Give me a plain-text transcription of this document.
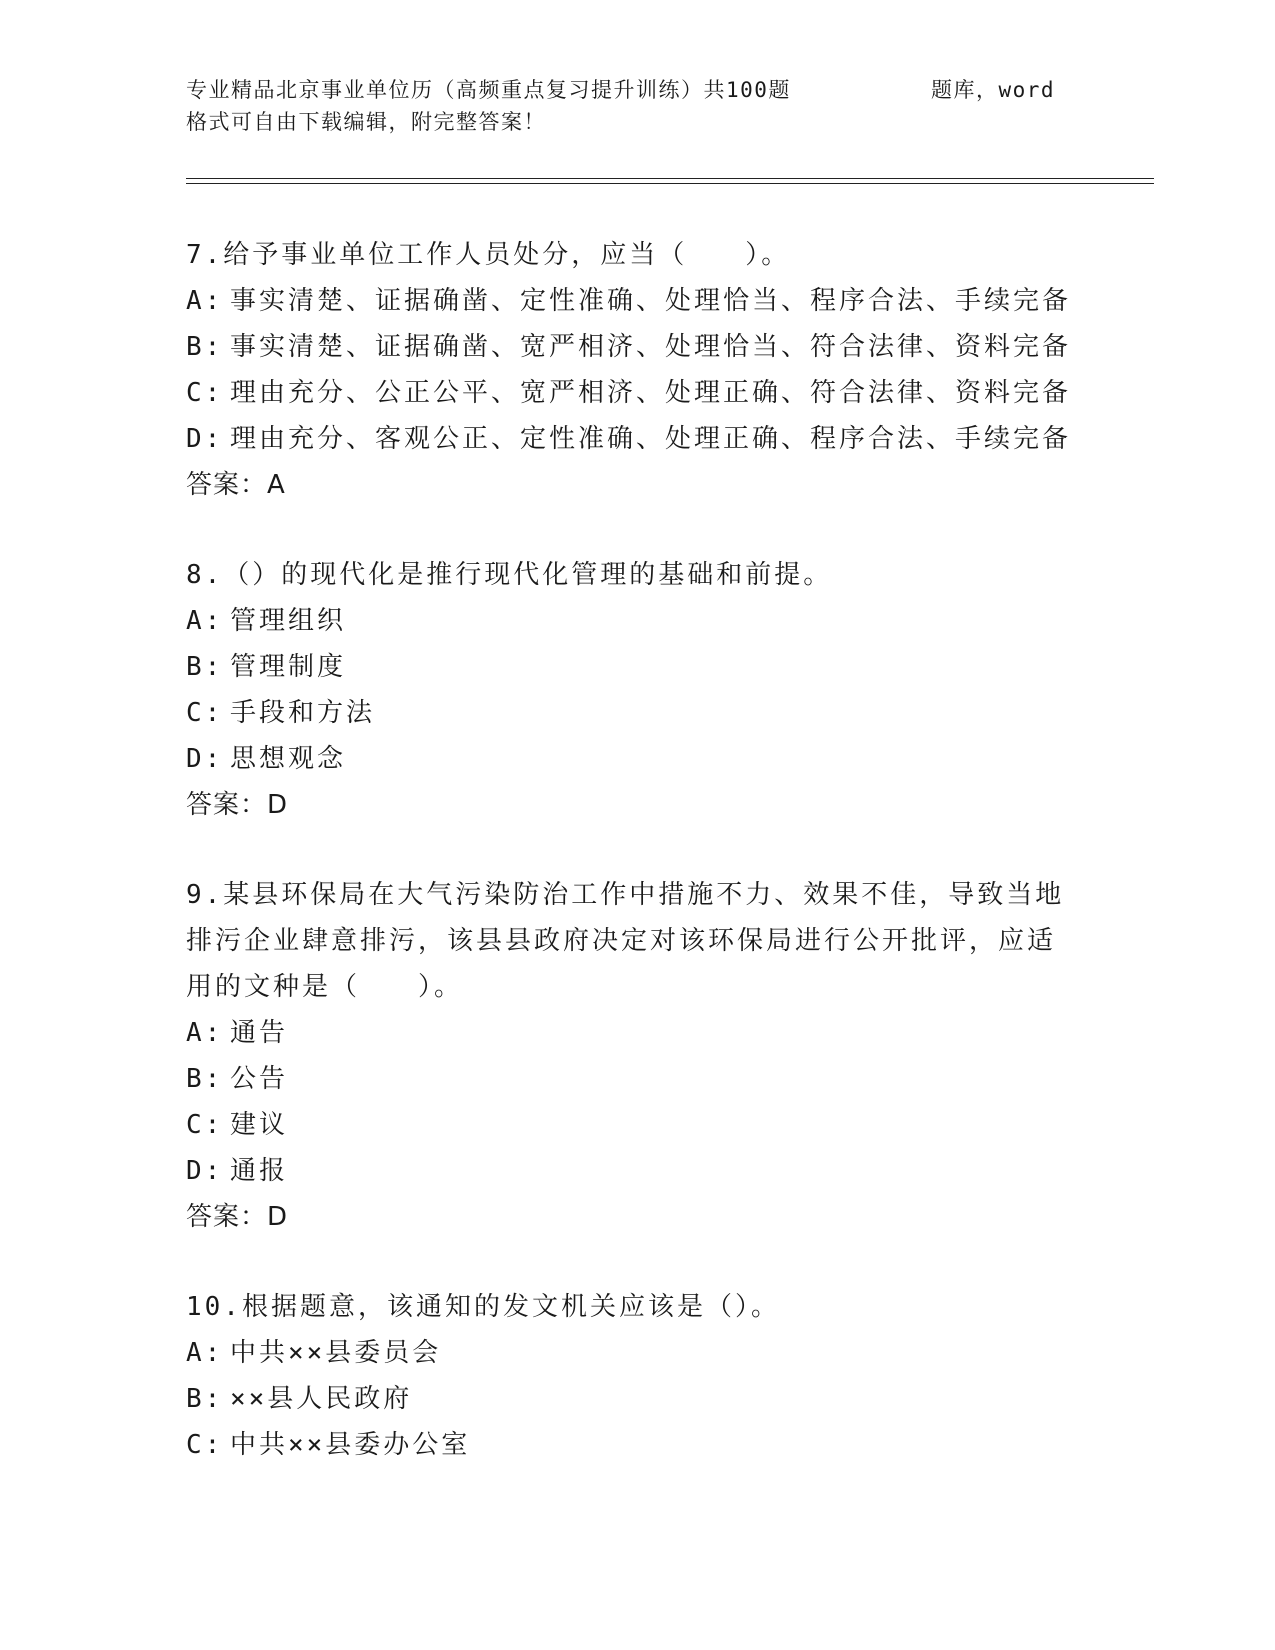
专业精品北京事业单位历（高频重点复习提升训练）共100题	题库，word
格式可自由下载编辑，附完整答案！
7.给予事业单位工作人员处分，应当（　　）。
A: 事实清楚、证据确凿、定性准确、处理恰当、程序合法、手续完备
B: 事实清楚、证据确凿、宽严相济、处理恰当、符合法律、资料完备
C: 理由充分、公正公平、宽严相济、处理正确、符合法律、资料完备
D: 理由充分、客观公正、定性准确、处理正确、程序合法、手续完备
答案：A
8.（）的现代化是推行现代化管理的基础和前提。
A: 管理组织
B: 管理制度
C: 手段和方法
D: 思想观念
答案：D
9.某县环保局在大气污染防治工作中措施不力、效果不佳，导致当地排污企业肆意排污，该县县政府决定对该环保局进行公开批评，应适用的文种是（　　）。
A: 通告
B: 公告
C: 建议
D: 通报
答案：D
10.根据题意，该通知的发文机关应该是（）。
A: 中共××县委员会
B: ××县人民政府
C: 中共××县委办公室
